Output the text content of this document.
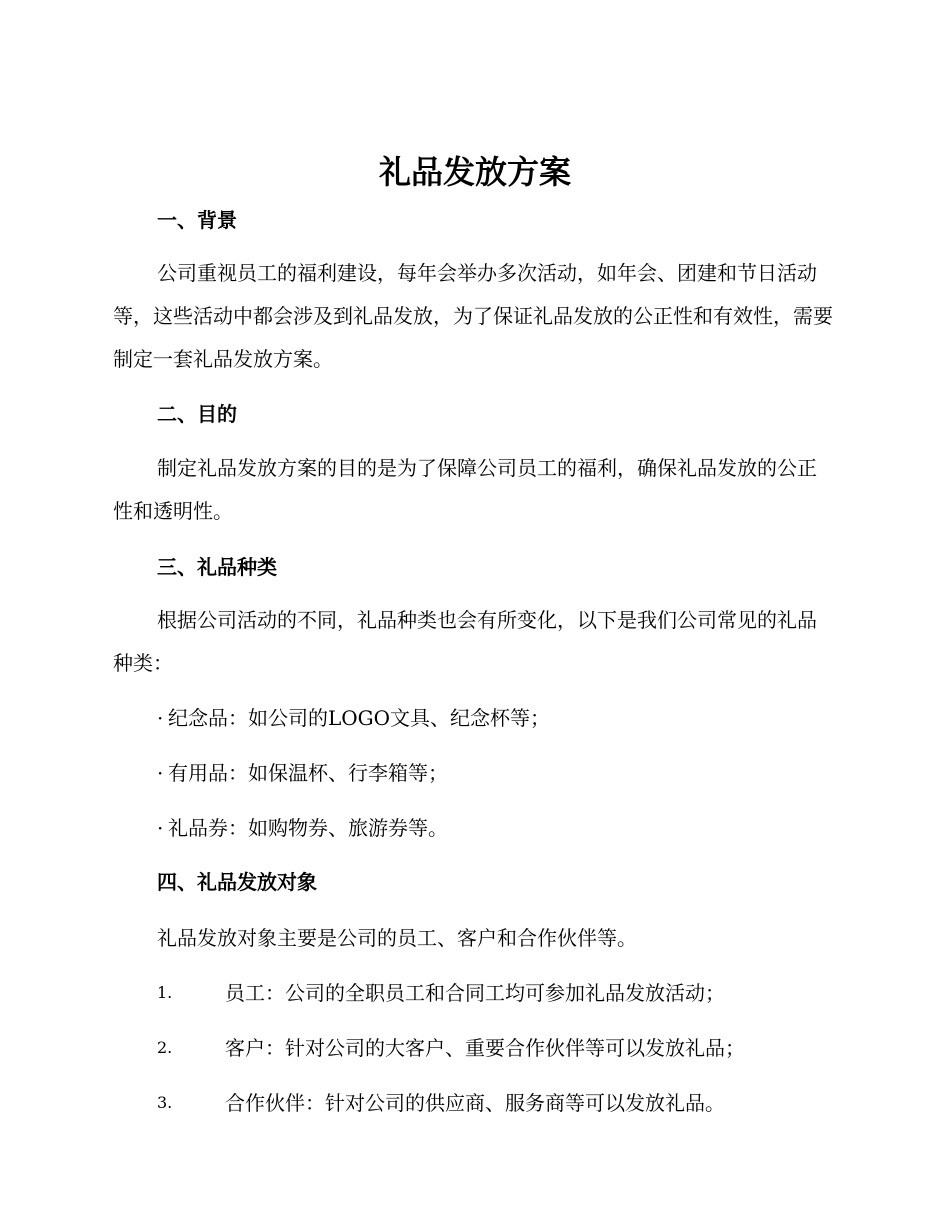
礼品发放方案
一、背景

公司重视员工的福利建设，每年会举办多次活动，如年会、团建和节日活动等，这些活动中都会涉及到礼品发放，为了保证礼品发放的公正性和有效性，需要制定一套礼品发放方案。

二、目的

制定礼品发放方案的目的是为了保障公司员工的福利，确保礼品发放的公正性和透明性。

三、礼品种类

根据公司活动的不同，礼品种类也会有所变化，以下是我们公司常见的礼品种类：

· 纪念品：如公司的LOGO文具、纪念杯等；
· 有用品：如保温杯、行李箱等；
· 礼品券：如购物券、旅游券等。
四、礼品发放对象
礼品发放对象主要是公司的员工、客户和合作伙伴等。
1.	员工：公司的全职员工和合同工均可参加礼品发放活动；
2.	客户：针对公司的大客户、重要合作伙伴等可以发放礼品；
3.	合作伙伴：针对公司的供应商、服务商等可以发放礼品。
